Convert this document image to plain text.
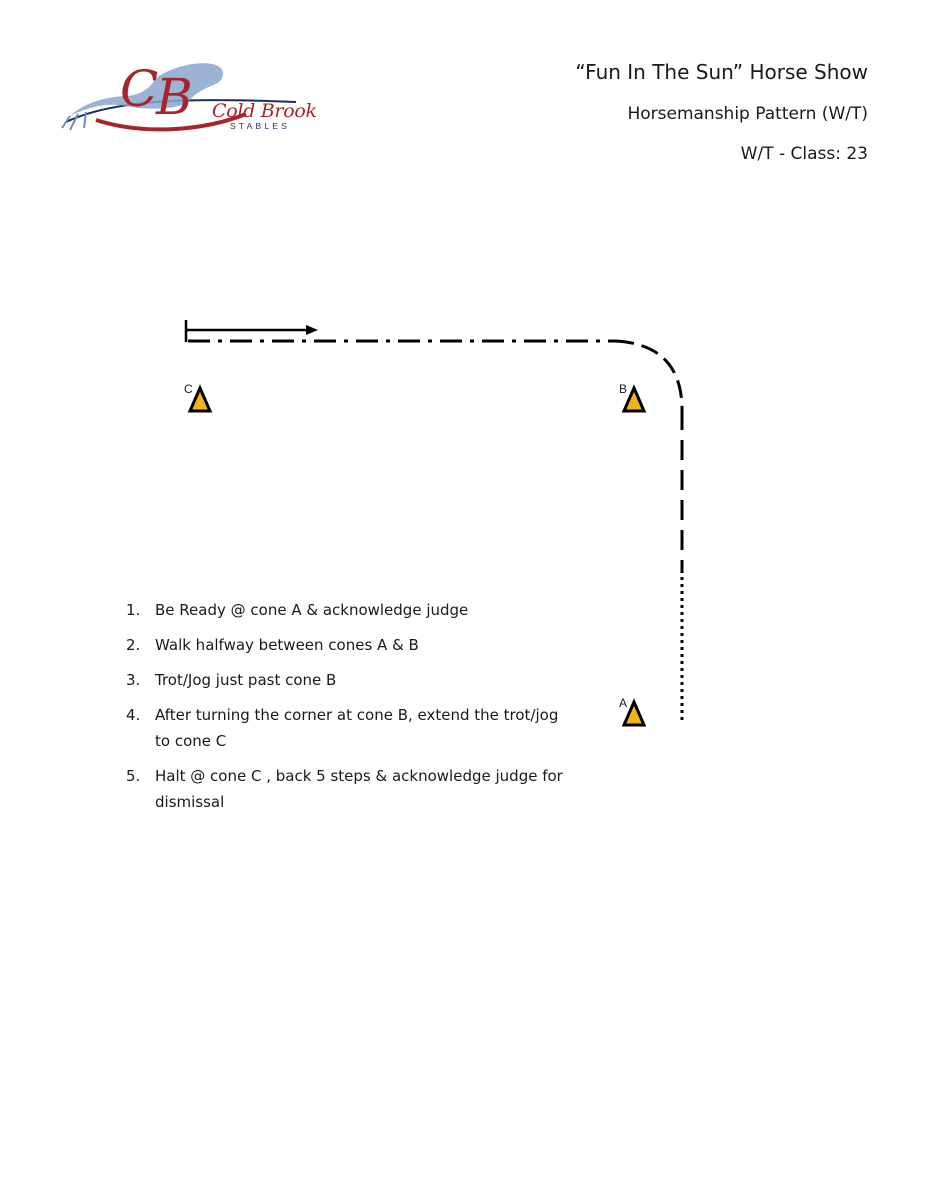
C
B Cold Brook
STABLES
“Fun In The Sun” Horse Show
Horsemanship Pattern (W/T)
W/T - Class: 23
C	B
A
1. Be Ready @ cone A & acknowledge judge
2. Walk halfway between cones A & B
3. Trot/Jog just past cone B
4. After turning the corner at cone B, extend the trot/jog to cone C
5. Halt @ cone C , back 5 steps & acknowledge judge for dismissal
